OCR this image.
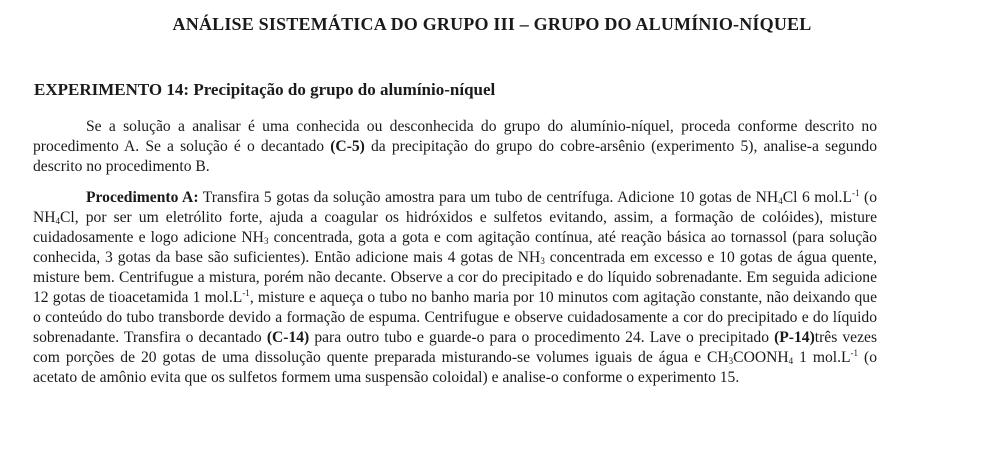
ANÁLISE SISTEMÁTICA DO GRUPO III – GRUPO DO ALUMÍNIO-NÍQUEL
EXPERIMENTO 14: Precipitação do grupo do alumínio-níquel
Se a solução a analisar é uma conhecida ou desconhecida do grupo do alumínio-níquel, proceda conforme descrito no procedimento A. Se a solução é o decantado (C-5) da precipitação do grupo do cobre-arsênio (experimento 5), analise-a segundo descrito no procedimento B.
Procedimento A: Transfira 5 gotas da solução amostra para um tubo de centrífuga. Adicione 10 gotas de $NH_4Cl$ 6 $mol.L^{-1}$ (o $NH_4Cl$, por ser um eletrólito forte, ajuda a coagular os hidróxidos e sulfetos evitando, assim, a formação de colóides), misture cuidadosamente e logo adicione $NH_3$ concentrada, gota a gota e com agitação contínua, até reação básica ao tornassol (para solução conhecida, 3 gotas da base são suficientes). Então adicione mais 4 gotas de $NH_3$ concentrada em excesso e 10 gotas de água quente, misture bem. Centrifugue a mistura, porém não decante. Observe a cor do precipitado e do líquido sobrenadante. Em seguida adicione 12 gotas de tioacetamida 1 $mol.L^{-1}$, misture e aqueça o tubo no banho maria por 10 minutos com agitação constante, não deixando que o conteúdo do tubo transborde devido a formação de espuma. Centrifugue e observe cuidadosamente a cor do precipitado e do líquido sobrenadante. Transfira o decantado (C-14) para outro tubo e guarde-o para o procedimento 24. Lave o precipitado (P-14)três vezes com porções de 20 gotas de uma dissolução quente preparada misturando-se volumes iguais de água e $CH_3COONH_4$ 1 $mol.L^{-1}$ (o acetato de amônio evita que os sulfetos formem uma suspensão coloidal) e analise-o conforme o experimento 15.
